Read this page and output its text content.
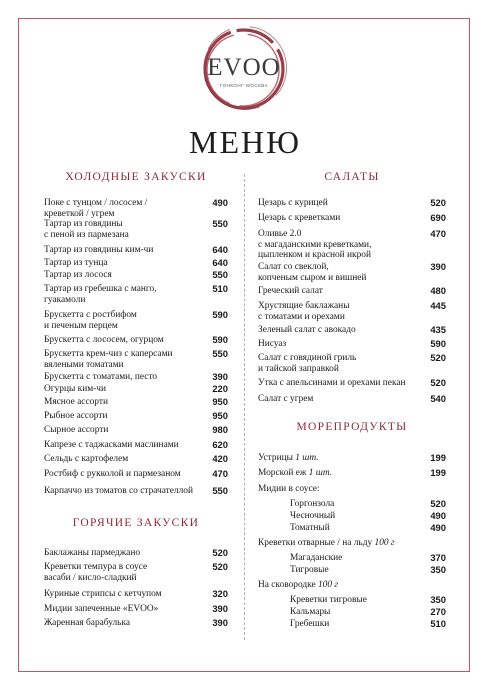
EVOO
ГОНКОНГ·МОСКВА
МЕНЮ
ХОЛОДНЫЕ ЗАКУСКИ
Поке с тунцом / лососем /
креветкой / угрем
490
Тартар из говядины
с пеной из пармезана
550
Тартар из говядины ким-чи	640
Тартар из тунца	640
Тартар из лосося	550
Тартар из гребешка с манго,
гуакамоли
510
Брускетта с ростбифом
и печеным перцем
590
Брускетта с лососем, огурцом	590
Брускетта крем-чиз с каперсами
вялеными томатами
550
Брускетта с томатами, песто	390
Огурцы ким-чи	220
Мясное ассорти	950
Рыбное ассорти	950
Сырное ассорти	980
Капрезе с таджасками маслинами	620
Сельдь с картофелем	420
Ростбиф с рукколой и пармезаном	470
Карпаччо из томатов со страчателлой	550
ГОРЯЧИЕ ЗАКУСКИ
Баклажаны пармеджано	520
Креветки темпура в соусе
васаби / кисло-сладкий
520
Куриные стрипсы с кетчупом	320
Мидии запеченные «EVOO»	390
Жаренная барабулька	390
САЛАТЫ
Цезарь с курицей	520
Цезарь с креветками	690
Оливье 2.0
с магаданскими креветками,
цыпленком и красной икрой
470
Салат со свеклой,
копченым сыром и вишней
390
Греческий салат	480
Хрустящие баклажаны
с томатами и орехами
445
Зеленый салат с авокадо	435
Нисуаз	590
Салат с говядиной гриль
и тайской заправкой
520
Утка с апельсинами и орехами пекан	520
Салат с угрем	540
МОРЕПРОДУКТЫ
Устрицы 1 шт.	199
Морской еж 1 шт.	199
Мидии в соусе:
Горгонзола	520
Чесночный	490
Томатный	490
Креветки отварные / на льду 100 г
Магаданские	370
Тигровые	350
На сковородке 100 г
Креветки тигровые	350
Кальмары	270
Гребешки	510
